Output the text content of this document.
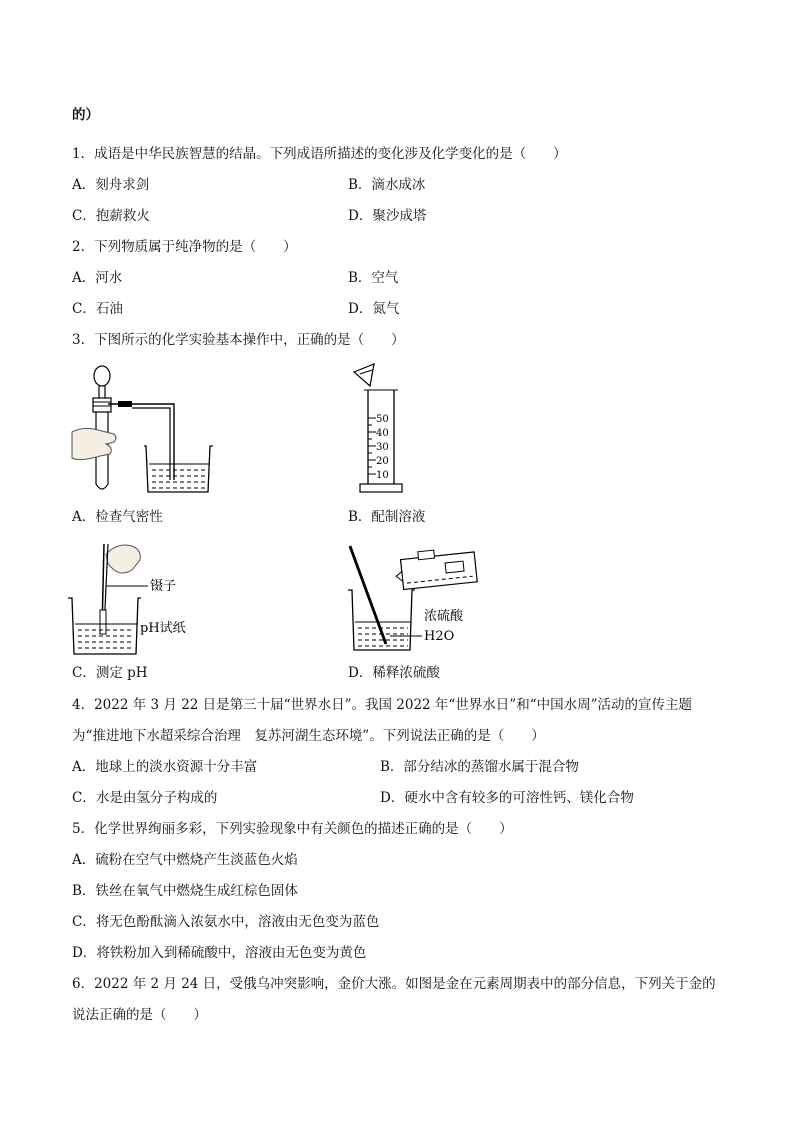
的）
1．成语是中华民族智慧的结晶。下列成语所描述的变化涉及化学变化的是（　　）
A．刻舟求剑	B．滴水成冰
C．抱薪救火	D．聚沙成塔
2．下列物质属于纯净物的是（　　）
A．河水	B．空气
C．石油	D．氮气
3．下图所示的化学实验基本操作中，正确的是（　　）
A．检查气密性
50
40
30
20
10
B．配制溶液
镊子
pH试纸
C．测定 pH
浓硫酸
H2O
D．稀释浓硫酸
4．2022 年 3 月 22 日是第三十届“世界水日”。我国 2022 年“世界水日”和“中国水周”活动的宣传主题
为“推进地下水超采综合治理　复苏河湖生态环境”。下列说法正确的是（　　）
A．地球上的淡水资源十分丰富	B．部分结冰的蒸馏水属于混合物
C．水是由氢分子构成的	D．硬水中含有较多的可溶性钙、镁化合物
5．化学世界绚丽多彩，下列实验现象中有关颜色的描述正确的是（　　）
A．硫粉在空气中燃烧产生淡蓝色火焰
B．铁丝在氧气中燃烧生成红棕色固体
C．将无色酚酞滴入浓氨水中，溶液由无色变为蓝色
D．将铁粉加入到稀硫酸中，溶液由无色变为黄色
6．2022 年 2 月 24 日，受俄乌冲突影响，金价大涨。如图是金在元素周期表中的部分信息，下列关于金的
说法正确的是（　　）
